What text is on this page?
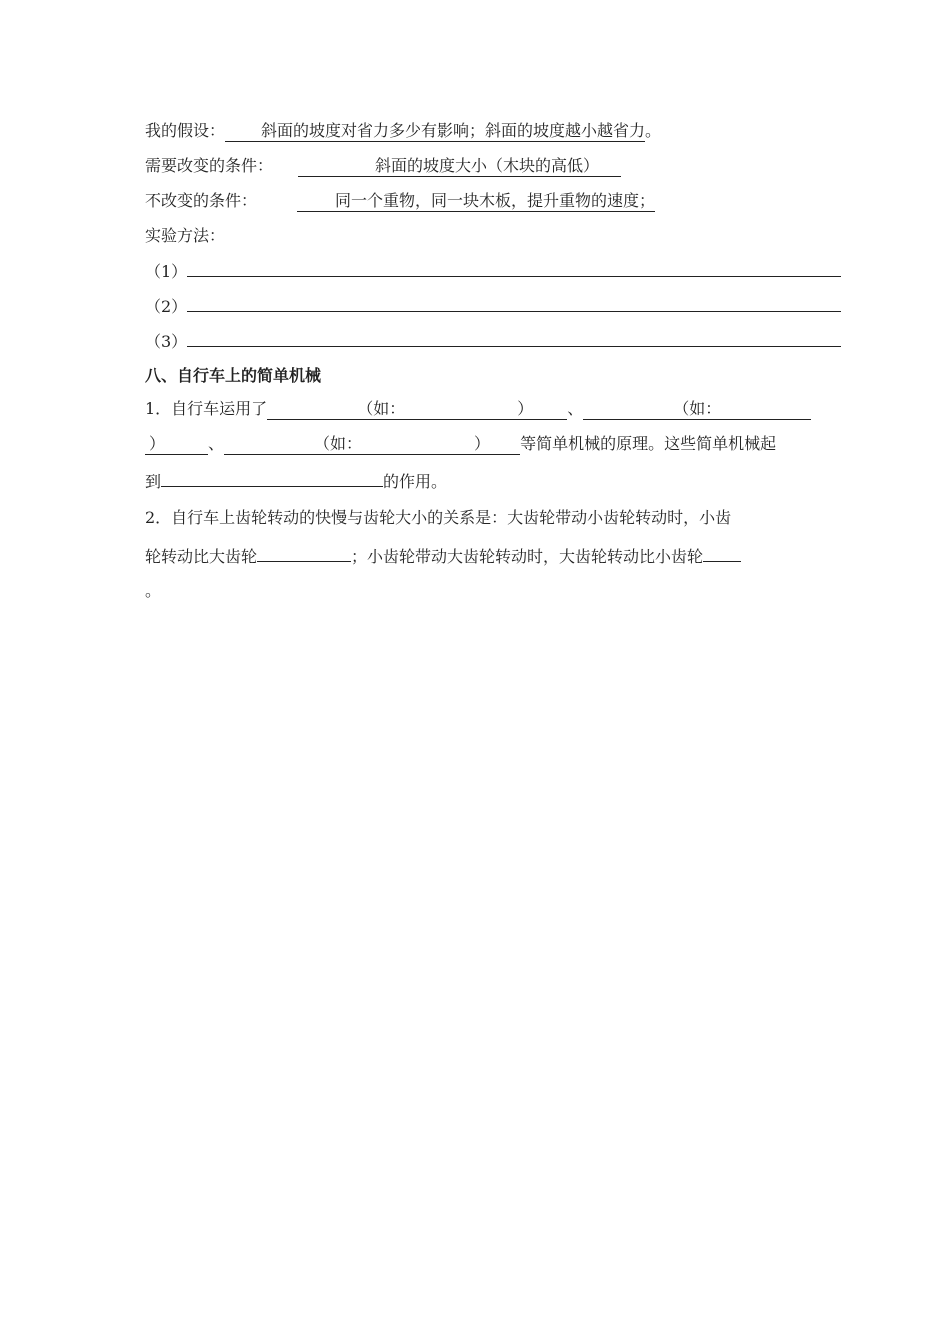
我的假设： 斜面的坡度对省力多少有影响；斜面的坡度越小越省力。
需要改变的条件：	斜面的坡度大小（木块的高低）
不改变的条件：	同一个重物，同一块木板，提升重物的速度；
实验方法：
（1）
（2）
（3）
八、自行车上的简单机械
1．自行车运用了	（如：	） 、	（如：
）	、	（如：	） 等简单机械的原理。这些简单机械起
到	的作用。
2．自行车上齿轮转动的快慢与齿轮大小的关系是：大齿轮带动小齿轮转动时，小齿
轮转动比大齿轮	；小齿轮带动大齿轮转动时，大齿轮转动比小齿轮
。
